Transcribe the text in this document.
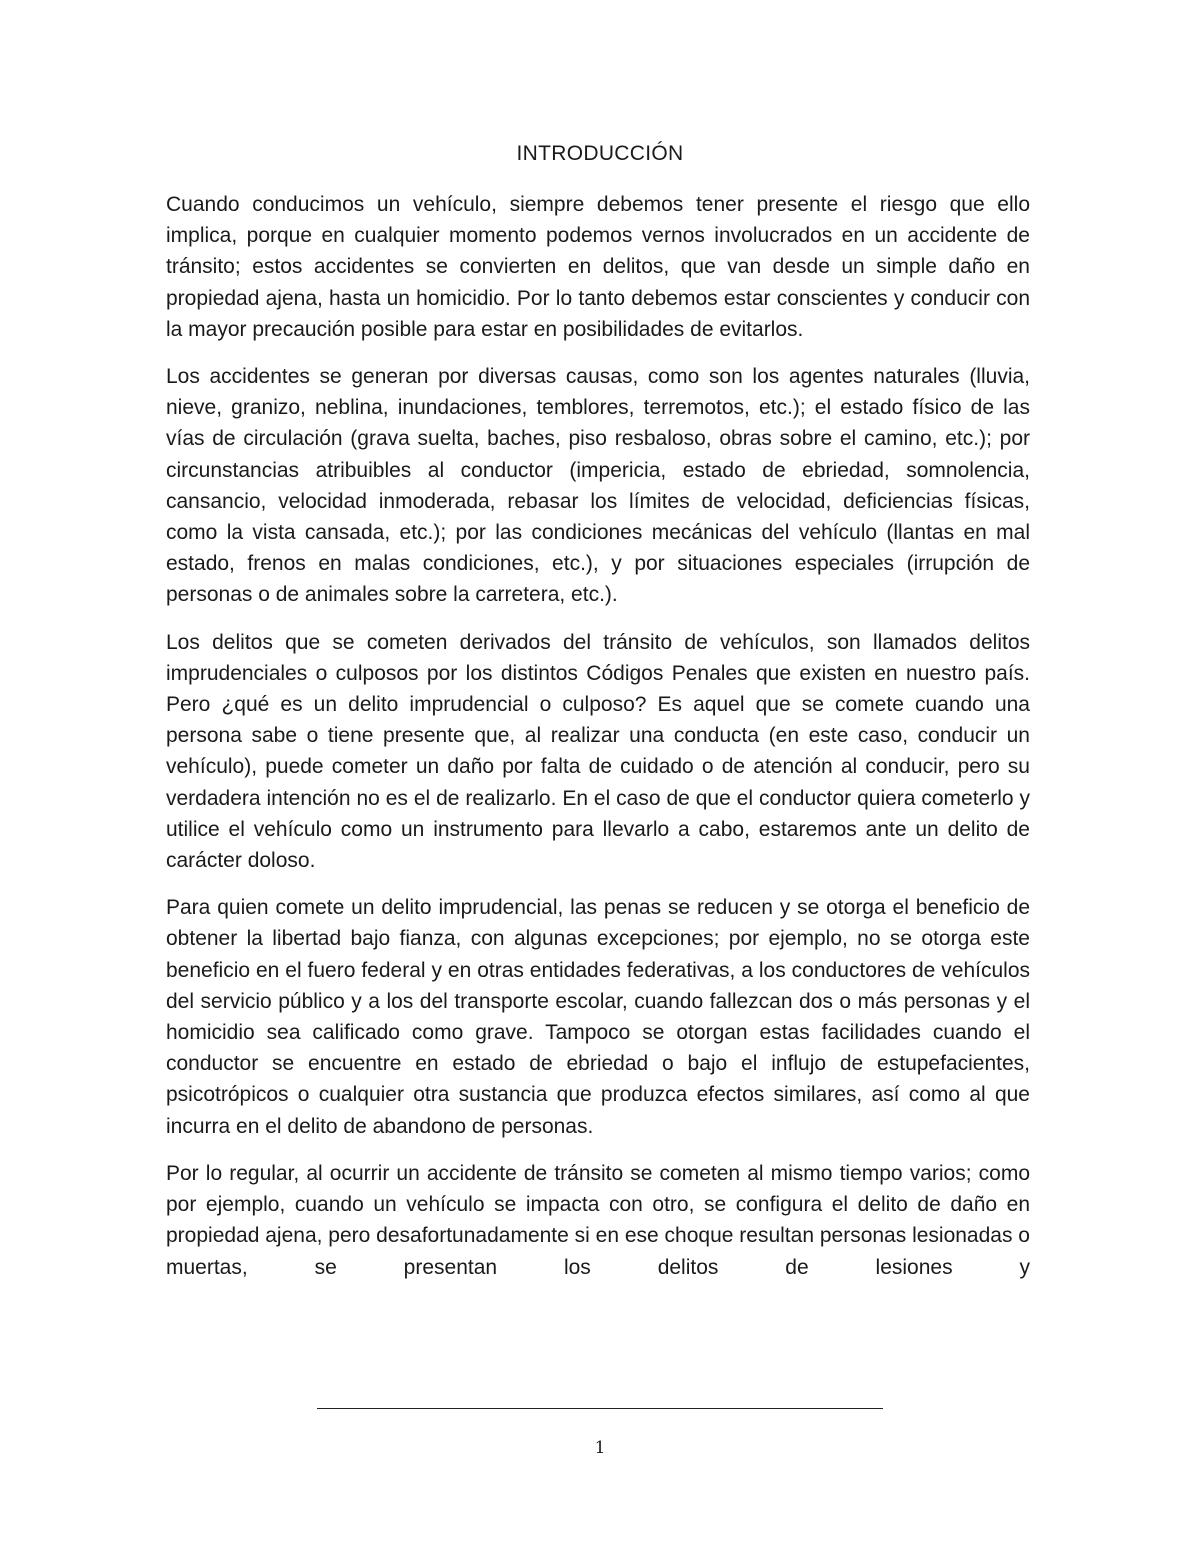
INTRODUCCIÓN

Cuando conducimos un vehículo, siempre debemos tener presente el riesgo que ello implica, porque en cualquier momento podemos vernos involucrados en un accidente de tránsito; estos accidentes se convierten en delitos, que van desde un simple daño en propiedad ajena, hasta un homicidio. Por lo tanto debemos estar conscientes y conducir con la mayor precaución posible para estar en posibilidades de evitarlos.

Los accidentes se generan por diversas causas, como son los agentes naturales (lluvia, nieve, granizo, neblina, inundaciones, temblores, terremotos, etc.); el estado físico de las vías de circulación (grava suelta, baches, piso resbaloso, obras sobre el camino, etc.); por circunstancias atribuibles al conductor (impericia, estado de ebriedad, somnolencia, cansancio, velocidad inmoderada, rebasar los límites de velocidad, deficiencias físicas, como la vista cansada, etc.); por las condiciones mecánicas del vehículo (llantas en mal estado, frenos en malas condiciones, etc.), y por situaciones especiales (irrupción de personas o de animales sobre la carretera, etc.).

Los delitos que se cometen derivados del tránsito de vehículos, son llamados delitos imprudenciales o culposos por los distintos Códigos Penales que existen en nuestro país. Pero ¿qué es un delito imprudencial o culposo? Es aquel que se comete cuando una persona sabe o tiene presente que, al realizar una conducta (en este caso, conducir un vehículo), puede cometer un daño por falta de cuidado o de atención al conducir, pero su verdadera intención no es el de realizarlo. En el caso de que el conductor quiera cometerlo y utilice el vehículo como un instrumento para llevarlo a cabo, estaremos ante un delito de carácter doloso.

Para quien comete un delito imprudencial, las penas se reducen y se otorga el beneficio de obtener la libertad bajo fianza, con algunas excepciones; por ejemplo, no se otorga este beneficio en el fuero federal y en otras entidades federativas, a los conductores de vehículos del servicio público y a los del transporte escolar, cuando fallezcan dos o más personas y el homicidio sea calificado como grave. Tampoco se otorgan estas facilidades cuando el conductor se encuentre en estado de ebriedad o bajo el influjo de estupefacientes, psicotrópicos o cualquier otra sustancia que produzca efectos similares, así como al que incurra en el delito de abandono de personas.

Por lo regular, al ocurrir un accidente de tránsito se cometen al mismo tiempo varios; como por ejemplo, cuando un vehículo se impacta con otro, se configura el delito de daño en propiedad ajena, pero desafortunadamente si en ese choque resultan personas lesionadas o muertas, se presentan los delitos de lesiones y

1
